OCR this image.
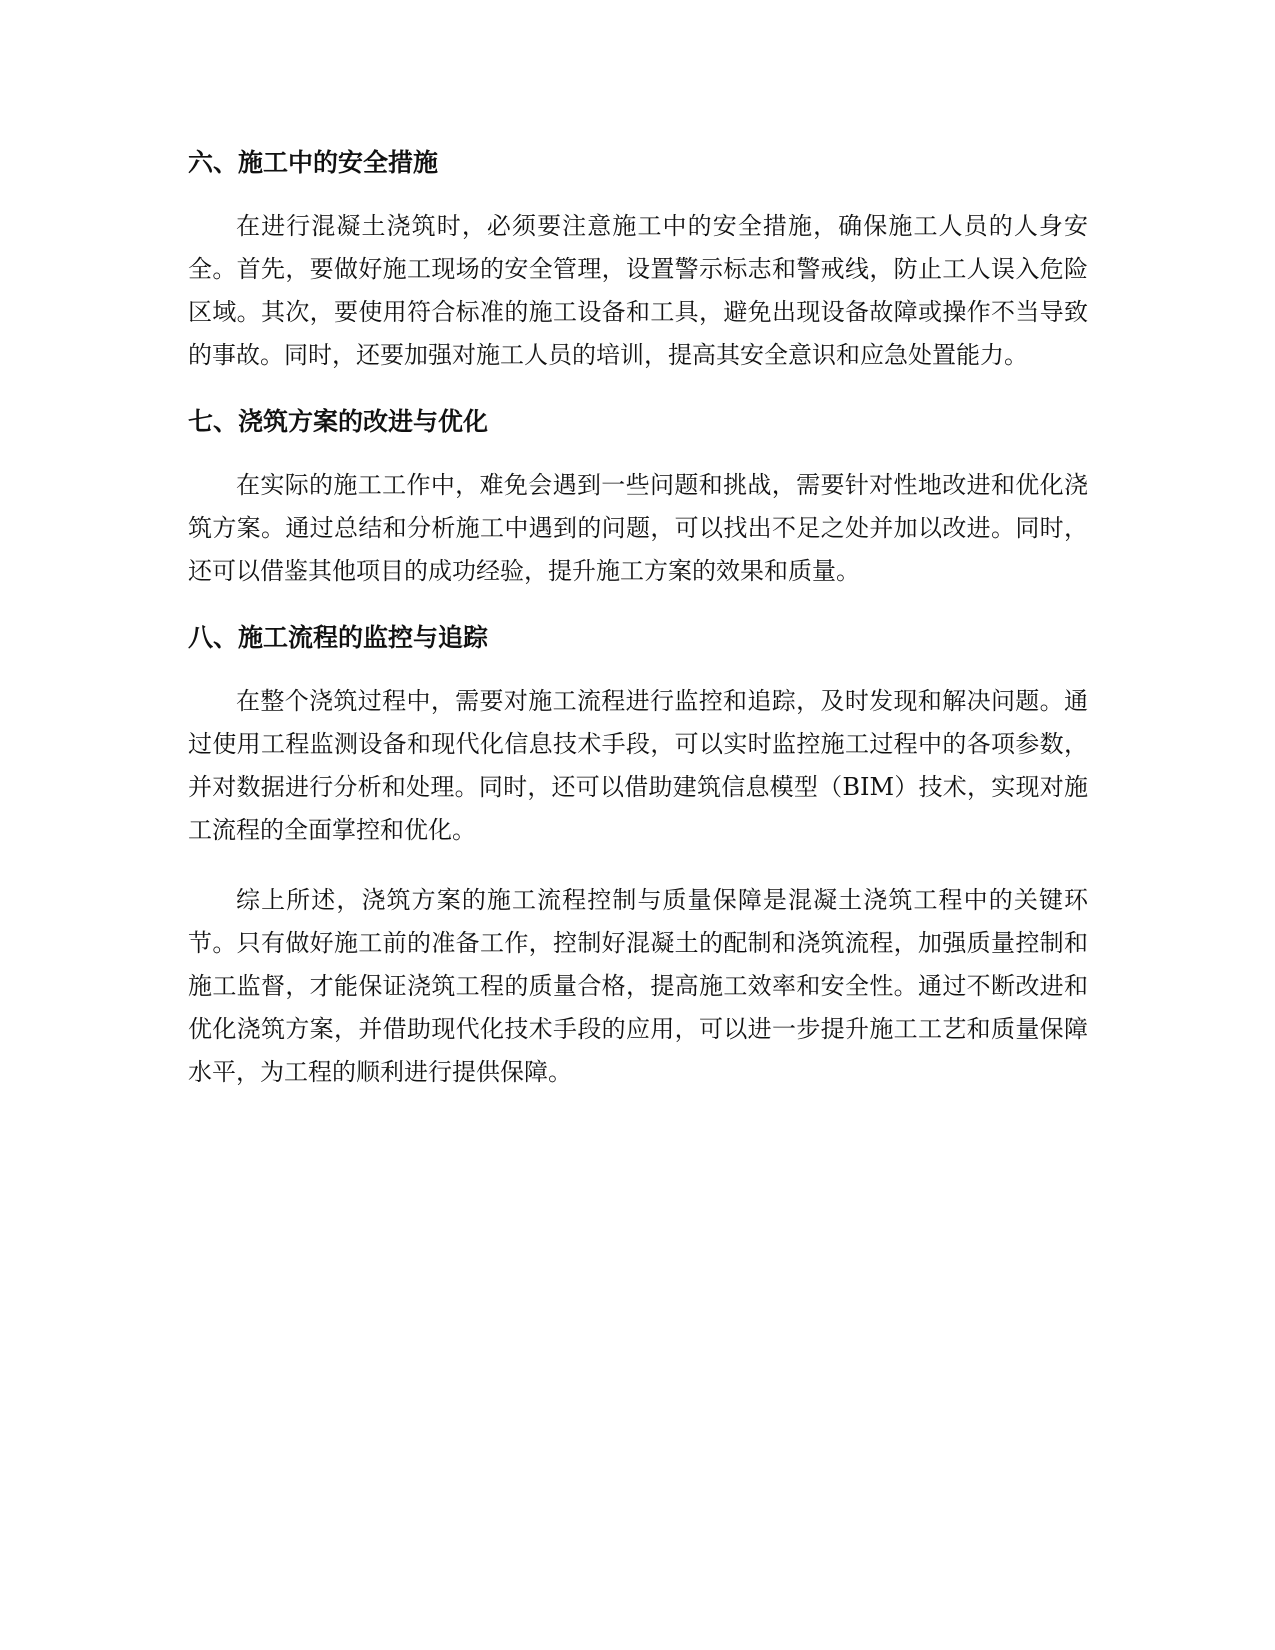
六、施工中的安全措施

在进行混凝土浇筑时，必须要注意施工中的安全措施，确保施工人员的人身安全。首先，要做好施工现场的安全管理，设置警示标志和警戒线，防止工人误入危险区域。其次，要使用符合标准的施工设备和工具，避免出现设备故障或操作不当导致的事故。同时，还要加强对施工人员的培训，提高其安全意识和应急处置能力。

七、浇筑方案的改进与优化

在实际的施工工作中，难免会遇到一些问题和挑战，需要针对性地改进和优化浇筑方案。通过总结和分析施工中遇到的问题，可以找出不足之处并加以改进。同时，还可以借鉴其他项目的成功经验，提升施工方案的效果和质量。

八、施工流程的监控与追踪

在整个浇筑过程中，需要对施工流程进行监控和追踪，及时发现和解决问题。通过使用工程监测设备和现代化信息技术手段，可以实时监控施工过程中的各项参数，并对数据进行分析和处理。同时，还可以借助建筑信息模型（BIM）技术，实现对施工流程的全面掌控和优化。

综上所述，浇筑方案的施工流程控制与质量保障是混凝土浇筑工程中的关键环节。只有做好施工前的准备工作，控制好混凝土的配制和浇筑流程，加强质量控制和施工监督，才能保证浇筑工程的质量合格，提高施工效率和安全性。通过不断改进和优化浇筑方案，并借助现代化技术手段的应用，可以进一步提升施工工艺和质量保障水平，为工程的顺利进行提供保障。
